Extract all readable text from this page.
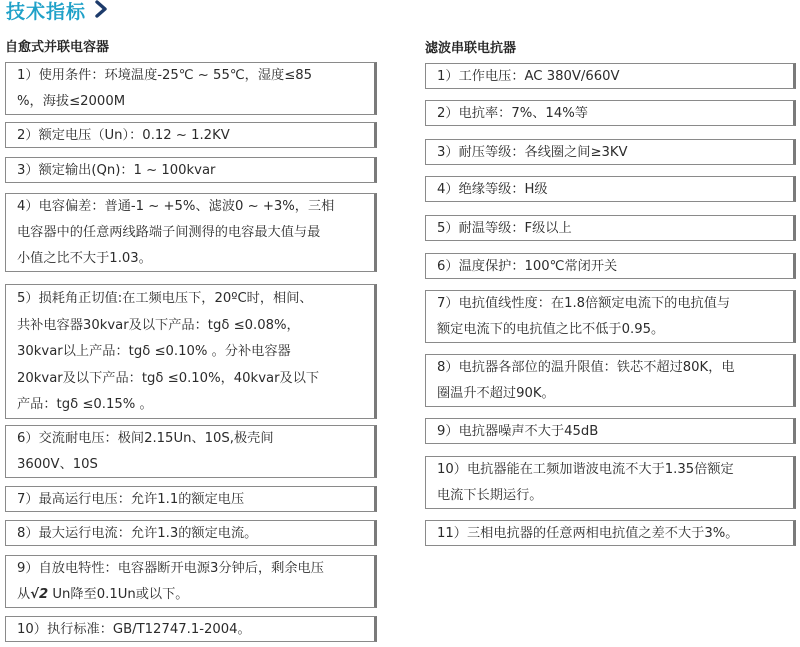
技术指标
自愈式并联电容器	滤波串联电抗器
1）使用条件：环境温度-25℃ ~ 55℃，湿度≤85
%，海拔≤2000M
2）额定电压（Un）：0.12 ~ 1.2KV
3）额定输出(Qn)：1 ~ 100kvar
4）电容偏差：普通-1 ~ +5%、滤波0 ~ +3%，三相
电容器中的任意两线路端子间测得的电容最大值与最
小值之比不大于1.03。
5）损耗角正切值:在工频电压下，20ºC时，相间、
共补电容器30kvar及以下产品：tgδ ≤0.08%，
30kvar以上产品：tgδ ≤0.10% 。分补电容器
20kvar及以下产品：tgδ ≤0.10%，40kvar及以下
产品：tgδ ≤0.15% 。
6）交流耐电压：极间2.15Un、10S,极壳间
3600V、10S
7）最高运行电压：允许1.1的额定电压
8）最大运行电流：允许1.3的额定电流。
9）自放电特性：电容器断开电源3分钟后，剩余电压
从√2 Un降至0.1Un或以下。
10）执行标准：GB/T12747.1-2004。
1）工作电压：AC 380V/660V
2）电抗率：7%、14%等
3）耐压等级：各线圈之间≥3KV
4）绝缘等级：H级
5）耐温等级：F级以上
6）温度保护：100℃常闭开关
7）电抗值线性度：在1.8倍额定电流下的电抗值与
额定电流下的电抗值之比不低于0.95。
8）电抗器各部位的温升限值：铁芯不超过80K，电
圈温升不超过90K。
9）电抗器噪声不大于45dB
10）电抗器能在工频加谐波电流不大于1.35倍额定
电流下长期运行。
11）三相电抗器的任意两相电抗值之差不大于3%。
